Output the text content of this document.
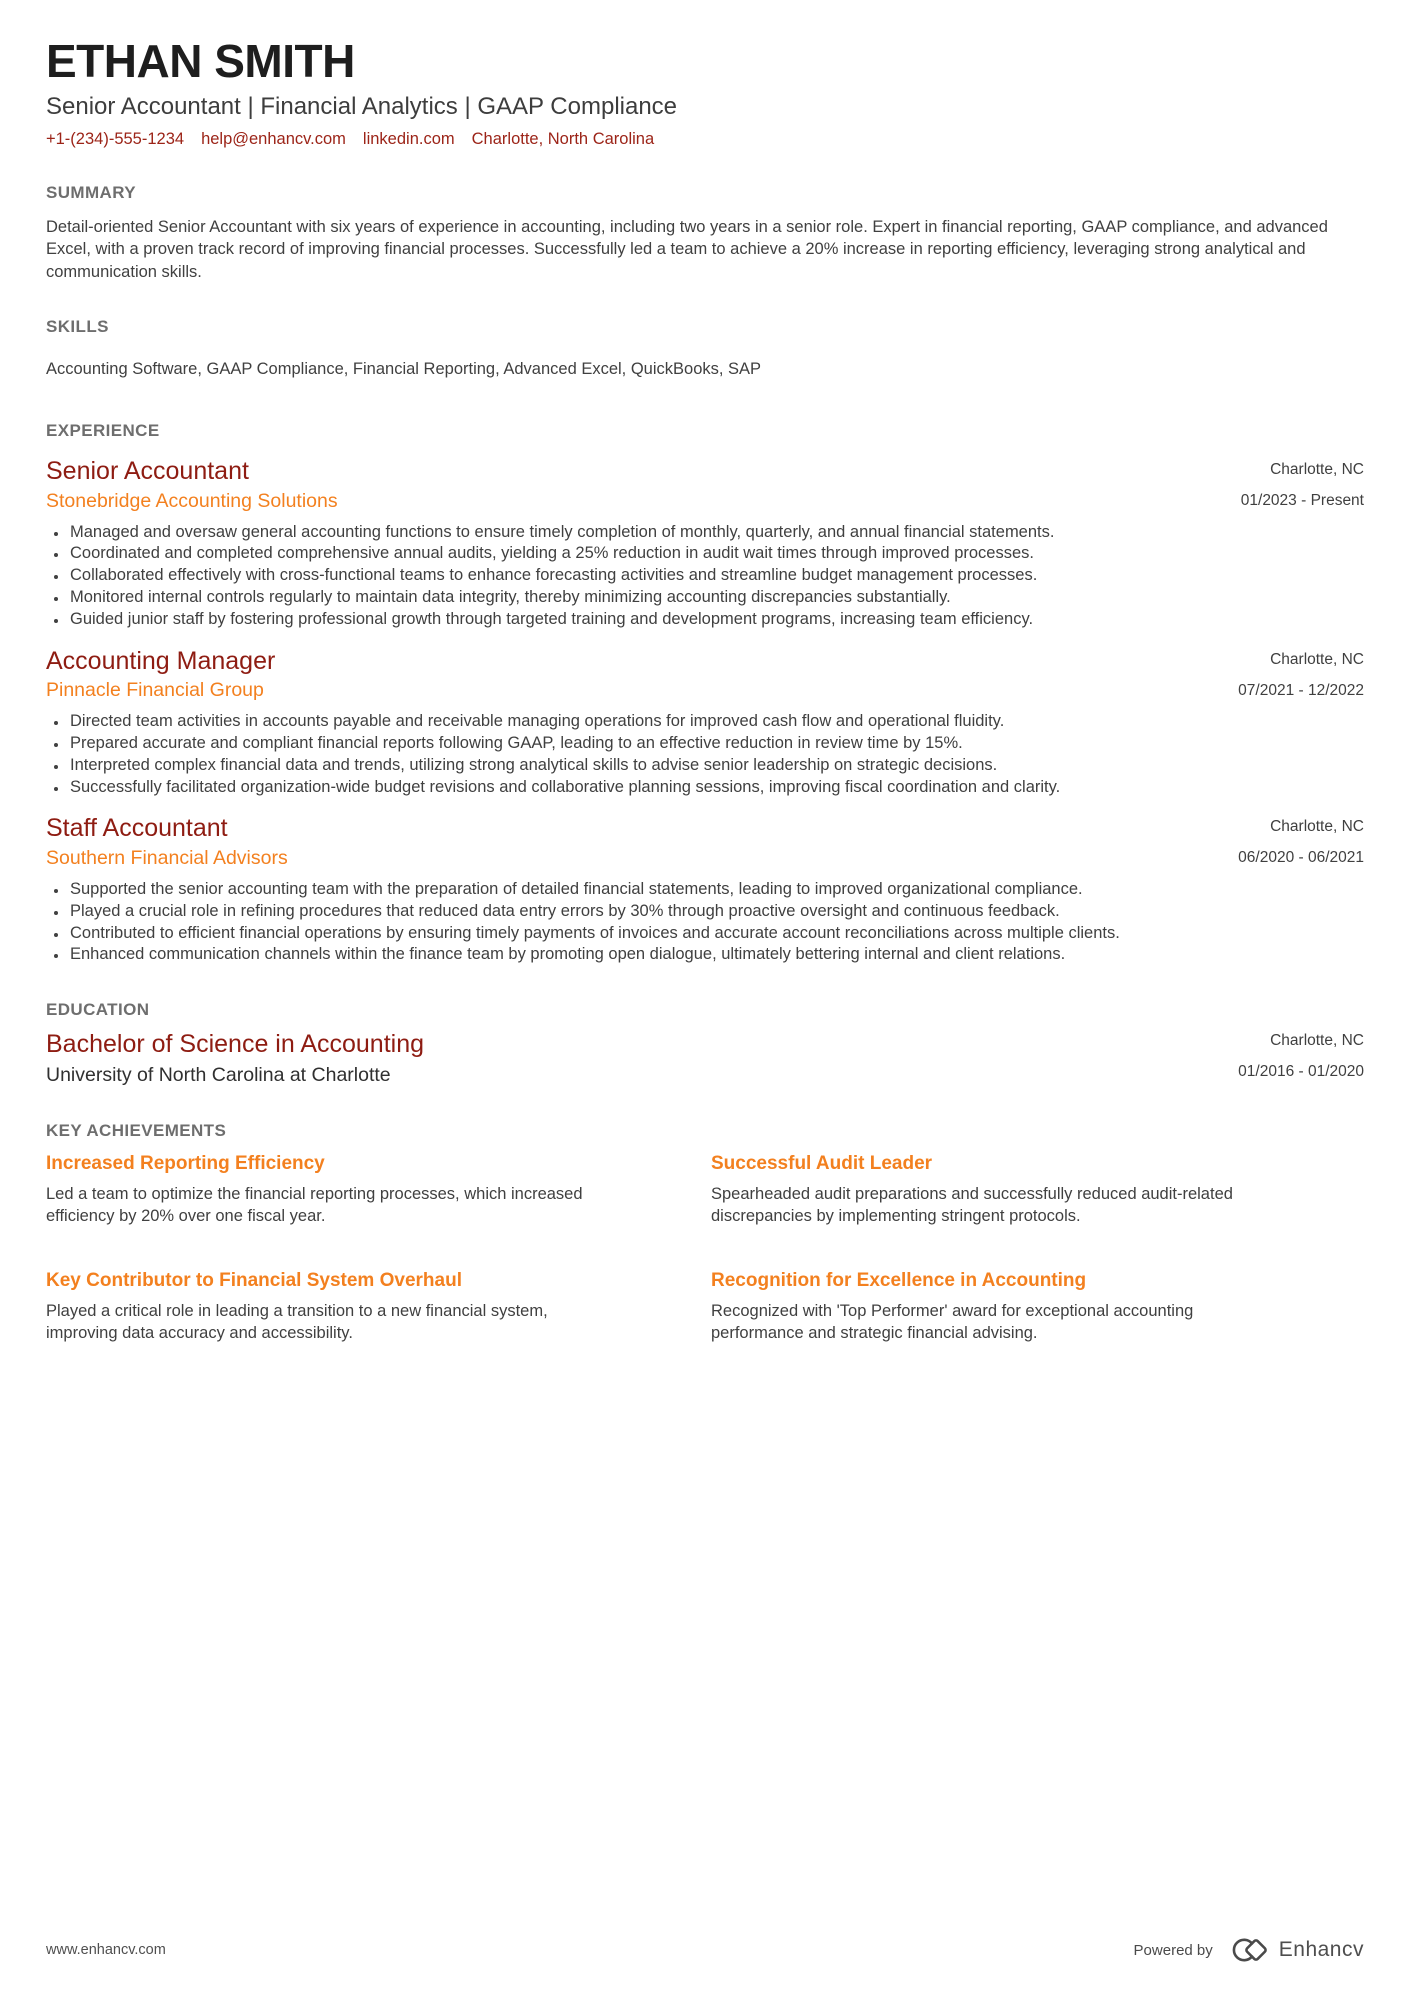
ETHAN SMITH
Senior Accountant | Financial Analytics | GAAP Compliance
+1-(234)-555-1234 help@enhancv.com linkedin.com Charlotte, North Carolina
SUMMARY
Detail-oriented Senior Accountant with six years of experience in accounting, including two years in a senior role. Expert in financial reporting, GAAP compliance, and advanced Excel, with a proven track record of improving financial processes. Successfully led a team to achieve a 20% increase in reporting efficiency, leveraging strong analytical and communication skills.
SKILLS
Accounting Software, GAAP Compliance, Financial Reporting, Advanced Excel, QuickBooks, SAP
EXPERIENCE
Senior Accountant
Stonebridge Accounting Solutions
Charlotte, NC
01/2023 - Present
• Managed and oversaw general accounting functions to ensure timely completion of monthly, quarterly, and annual financial statements.
• Coordinated and completed comprehensive annual audits, yielding a 25% reduction in audit wait times through improved processes.
• Collaborated effectively with cross-functional teams to enhance forecasting activities and streamline budget management processes.
• Monitored internal controls regularly to maintain data integrity, thereby minimizing accounting discrepancies substantially.
• Guided junior staff by fostering professional growth through targeted training and development programs, increasing team efficiency.
Accounting Manager
Pinnacle Financial Group
Charlotte, NC
07/2021 - 12/2022
• Directed team activities in accounts payable and receivable managing operations for improved cash flow and operational fluidity.
• Prepared accurate and compliant financial reports following GAAP, leading to an effective reduction in review time by 15%.
• Interpreted complex financial data and trends, utilizing strong analytical skills to advise senior leadership on strategic decisions.
• Successfully facilitated organization-wide budget revisions and collaborative planning sessions, improving fiscal coordination and clarity.
Staff Accountant
Southern Financial Advisors
Charlotte, NC
06/2020 - 06/2021
• Supported the senior accounting team with the preparation of detailed financial statements, leading to improved organizational compliance.
• Played a crucial role in refining procedures that reduced data entry errors by 30% through proactive oversight and continuous feedback.
• Contributed to efficient financial operations by ensuring timely payments of invoices and accurate account reconciliations across multiple clients.
• Enhanced communication channels within the finance team by promoting open dialogue, ultimately bettering internal and client relations.
EDUCATION
Bachelor of Science in Accounting
University of North Carolina at Charlotte
Charlotte, NC
01/2016 - 01/2020
KEY ACHIEVEMENTS
Increased Reporting Efficiency
Led a team to optimize the financial reporting processes, which increased efficiency by 20% over one fiscal year.
Key Contributor to Financial System Overhaul
Played a critical role in leading a transition to a new financial system, improving data accuracy and accessibility.
Successful Audit Leader
Spearheaded audit preparations and successfully reduced audit-related discrepancies by implementing stringent protocols.
Recognition for Excellence in Accounting
Recognized with 'Top Performer' award for exceptional accounting performance and strategic financial advising.
www.enhancv.com	Powered by	Enhancv
